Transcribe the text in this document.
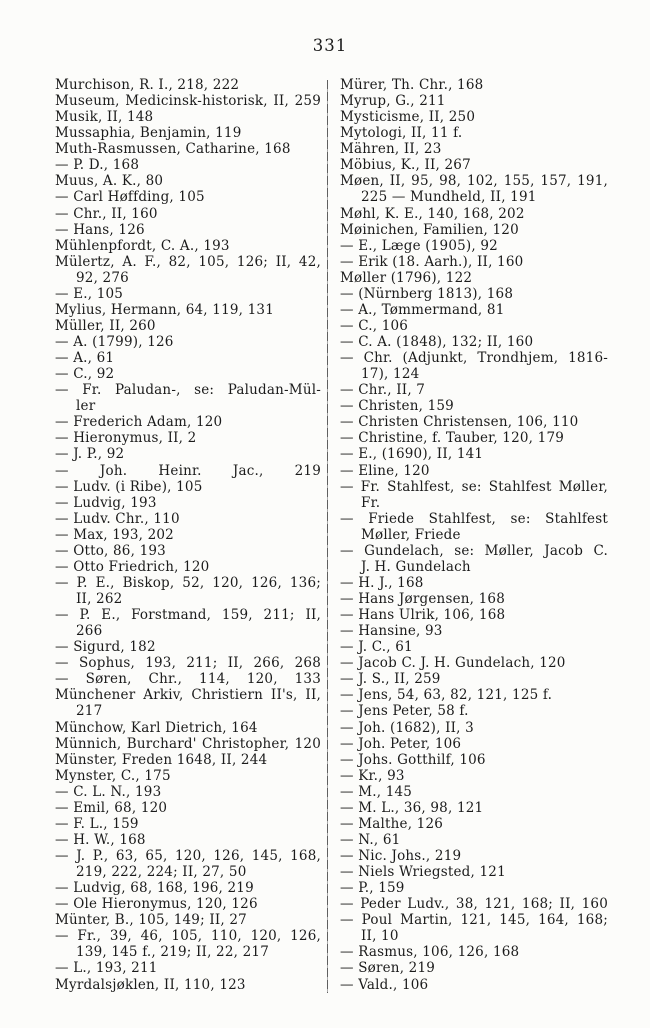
331
Murchison, R. I., 218, 222
Museum, Medicinsk-historisk, II, 259
Musik, II, 148
Mussaphia, Benjamin, 119
Muth-Rasmussen, Catharine, 168
— P. D., 168
Muus, A. K., 80
— Carl Høffding, 105
— Chr., II, 160
— Hans, 126
Mühlenpfordt, C. A., 193
Mülertz, A. F., 82, 105, 126; II, 42,
92, 276
— E., 105
Mylius, Hermann, 64, 119, 131
Müller, II, 260
— A. (1799), 126
— A., 61
— C., 92
— Fr. Paludan-, se: Paludan-Mül-
ler
— Frederich Adam, 120
— Hieronymus, II, 2
— J. P., 92
— Joh. Heinr. Jac., 219
— Ludv. (i Ribe), 105
— Ludvig, 193
— Ludv. Chr., 110
— Max, 193, 202
— Otto, 86, 193
— Otto Friedrich, 120
— P. E., Biskop, 52, 120, 126, 136;
II, 262
— P. E., Forstmand, 159, 211; II,
266
— Sigurd, 182
— Sophus, 193, 211; II, 266, 268
— Søren, Chr., 114, 120, 133
Münchener Arkiv, Christiern II's, II,
217
Münchow, Karl Dietrich, 164
Münnich, Burchard' Christopher, 120
Münster, Freden 1648, II, 244
Mynster, C., 175
— C. L. N., 193
— Emil, 68, 120
— F. L., 159
— H. W., 168
— J. P., 63, 65, 120, 126, 145, 168,
219, 222, 224; II, 27, 50
— Ludvig, 68, 168, 196, 219
— Ole Hieronymus, 120, 126
Münter, B., 105, 149; II, 27
— Fr., 39, 46, 105, 110, 120, 126,
139, 145 f., 219; II, 22, 217
— L., 193, 211
Myrdalsjøklen, II, 110, 123
Mürer, Th. Chr., 168
Myrup, G., 211
Mysticisme, II, 250
Mytologi, II, 11 f.
Mähren, II, 23
Möbius, K., II, 267
Møen, II, 95, 98, 102, 155, 157, 191,
225 — Mundheld, II, 191
Møhl, K. E., 140, 168, 202
Møinichen, Familien, 120
— E., Læge (1905), 92
— Erik (18. Aarh.), II, 160
Møller (1796), 122
— (Nürnberg 1813), 168
— A., Tømmermand, 81
— C., 106
— C. A. (1848), 132; II, 160
— Chr. (Adjunkt, Trondhjem, 1816-
17), 124
— Chr., II, 7
— Christen, 159
— Christen Christensen, 106, 110
— Christine, f. Tauber, 120, 179
— E., (1690), II, 141
— Eline, 120
— Fr. Stahlfest, se: Stahlfest Møller,
Fr.
— Friede Stahlfest, se: Stahlfest
Møller, Friede
— Gundelach, se: Møller, Jacob C.
J. H. Gundelach
— H. J., 168
— Hans Jørgensen, 168
— Hans Ulrik, 106, 168
— Hansine, 93
— J. C., 61
— Jacob C. J. H. Gundelach, 120
— J. S., II, 259
— Jens, 54, 63, 82, 121, 125 f.
— Jens Peter, 58 f.
— Joh. (1682), II, 3
— Joh. Peter, 106
— Johs. Gotthilf, 106
— Kr., 93
— M., 145
— M. L., 36, 98, 121
— Malthe, 126
— N., 61
— Nic. Johs., 219
— Niels Wriegsted, 121
— P., 159
— Peder Ludv., 38, 121, 168; II, 160
— Poul Martin, 121, 145, 164, 168;
II, 10
— Rasmus, 106, 126, 168
— Søren, 219
— Vald., 106
